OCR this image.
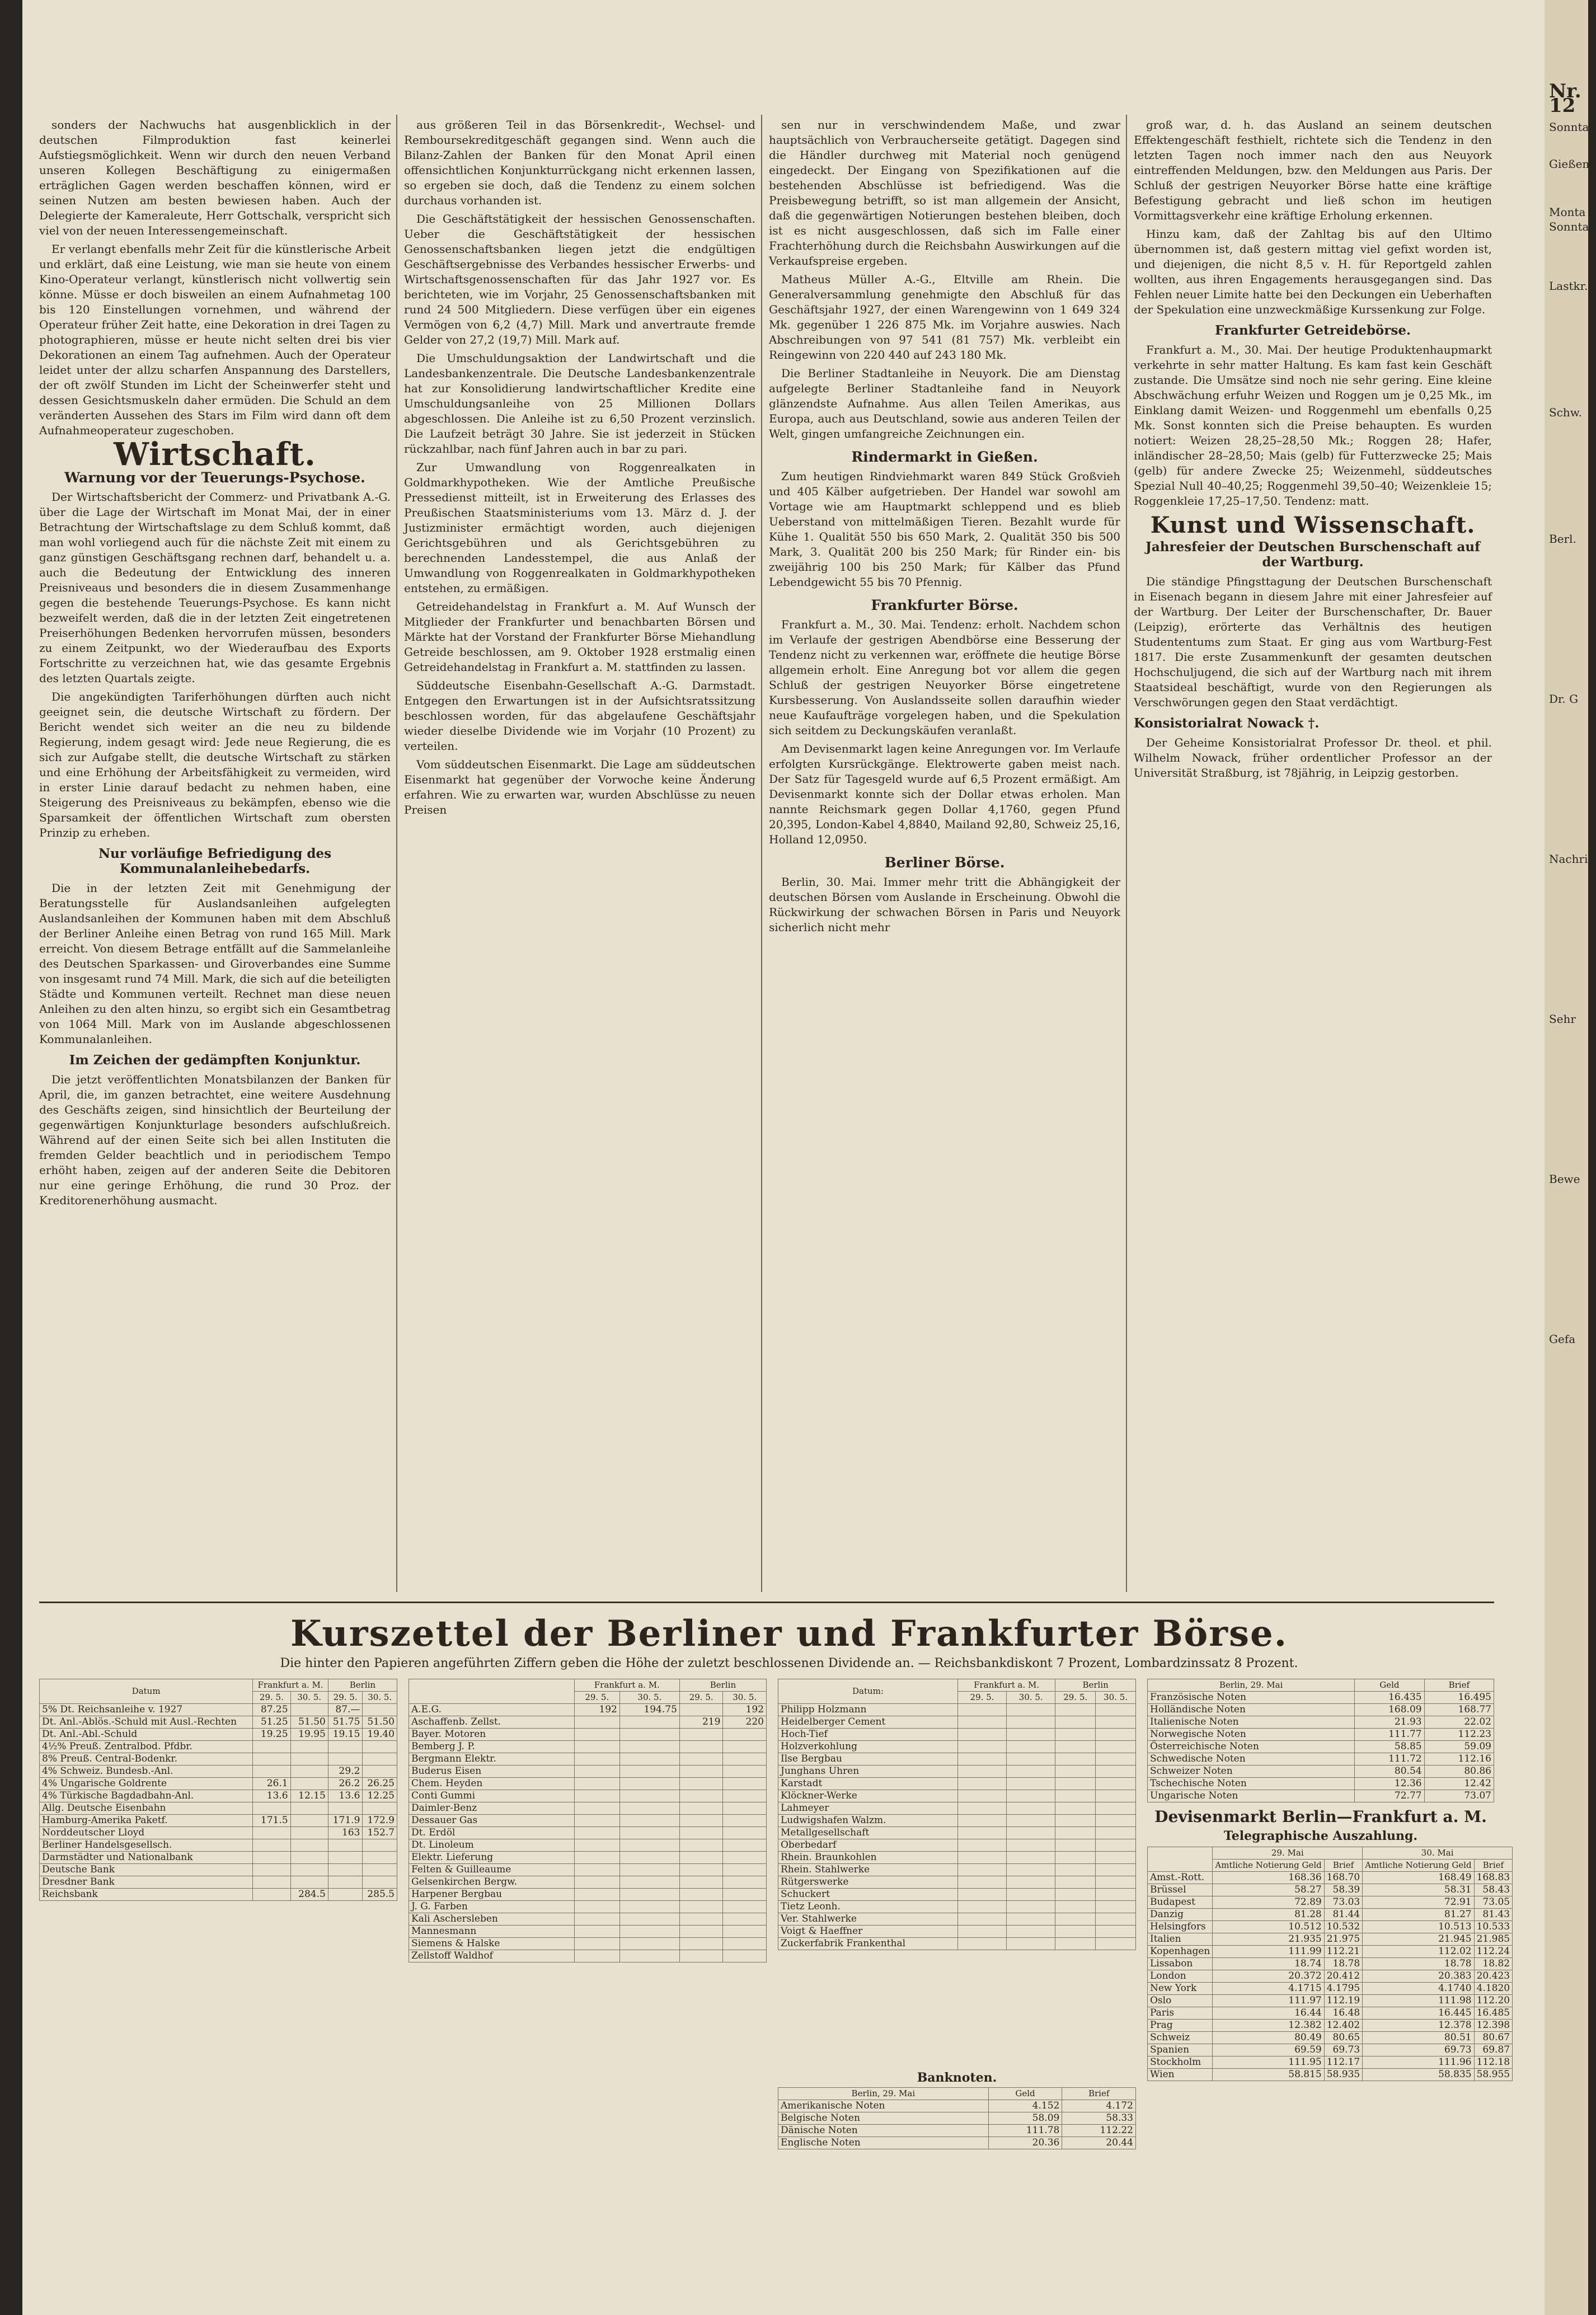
sonders der Nachwuchs hat ausgenblicklich in der deutschen Filmproduktion fast keinerlei Aufstiegsmöglichkeit. Wenn wir durch den neuen Verband unseren Kollegen Beschäftigung zu einigermaßen erträglichen Gagen werden beschaffen können, wird er seinen Nutzen am besten bewiesen haben. Auch der Delegierte der Kameraleute, Herr Gottschalk, verspricht sich viel von der neuen Interessengemeinschaft.

Er verlangt ebenfalls mehr Zeit für die künstlerische Arbeit und erklärt, daß eine Leistung, wie man sie heute von einem Kino-Operateur verlangt, künstlerisch nicht vollwertig sein könne. Müsse er doch bisweilen an einem Aufnahmetag 100 bis 120 Einstellungen vornehmen, und während der Operateur früher Zeit hatte, eine Dekoration in drei Tagen zu photographieren, müsse er heute nicht selten drei bis vier Dekorationen an einem Tag aufnehmen. Auch der Operateur leidet unter der allzu scharfen Anspannung des Darstellers, der oft zwölf Stunden im Licht der Scheinwerfer steht und dessen Gesichtsmuskeln daher ermüden. Die Schuld an dem veränderten Aussehen des Stars im Film wird dann oft dem Aufnahmeoperateur zugeschoben.

Wirtschaft.
Warnung vor der Teuerungs-Psychose.

Der Wirtschaftsbericht der Commerz- und Privatbank A.-G. über die Lage der Wirtschaft im Monat Mai, der in einer Betrachtung der Wirtschaftslage zu dem Schluß kommt, daß man wohl vorliegend auch für die nächste Zeit mit einem zu ganz günstigen Geschäftsgang rechnen darf, behandelt u. a. auch die Bedeutung der Entwicklung des inneren Preisniveaus und besonders die in diesem Zusammenhange gegen die bestehende Teuerungs-Psychose. Es kann nicht bezweifelt werden, daß die in der letzten Zeit eingetretenen Preiserhöhungen Bedenken hervorrufen müssen, besonders zu einem Zeitpunkt, wo der Wiederaufbau des Exports Fortschritte zu verzeichnen hat, wie das gesamte Ergebnis des letzten Quartals zeigte.

Die angekündigten Tariferhöhungen dürften auch nicht geeignet sein, die deutsche Wirtschaft zu fördern. Der Bericht wendet sich weiter an die neu zu bildende Regierung, indem gesagt wird: Jede neue Regierung, die es sich zur Aufgabe stellt, die deutsche Wirtschaft zu stärken und eine Erhöhung der Arbeitsfähigkeit zu vermeiden, wird in erster Linie darauf bedacht zu nehmen haben, eine Steigerung des Preisniveaus zu bekämpfen, ebenso wie die Sparsamkeit der öffentlichen Wirtschaft zum obersten Prinzip zu erheben.

Nur vorläufige Befriedigung des Kommunalanleihebedarfs.

Die in der letzten Zeit mit Genehmigung der Beratungsstelle für Auslandsanleihen aufgelegten Auslandsanleihen der Kommunen haben mit dem Abschluß der Berliner Anleihe einen Betrag von rund 165 Mill. Mark erreicht. Von diesem Betrage entfällt auf die Sammelanleihe des Deutschen Sparkassen- und Giroverbandes eine Summe von insgesamt rund 74 Mill. Mark, die sich auf die beteiligten Städte und Kommunen verteilt. Rechnet man diese neuen Anleihen zu den alten hinzu, so ergibt sich ein Gesamtbetrag von 1064 Mill. Mark von im Auslande abgeschlossenen Kommunalanleihen.

Im Zeichen der gedämpften Konjunktur.

Die jetzt veröffentlichten Monatsbilanzen der Banken für April, die, im ganzen betrachtet, eine weitere Ausdehnung des Geschäfts zeigen, sind hinsichtlich der Beurteilung der gegenwärtigen Konjunkturlage besonders aufschlußreich. Während auf der einen Seite sich bei allen Instituten die fremden Gelder beachtlich und in periodischem Tempo erhöht haben, zeigen auf der anderen Seite die Debitoren nur eine geringe Erhöhung, die rund 30 Proz. der Kreditorenerhöhung ausmacht.

aus größeren Teil in das Börsenkredit-, Wechsel- und Remboursekreditgeschäft gegangen sind. Wenn auch die Bilanz-Zahlen der Banken für den Monat April einen offensichtlichen Konjunkturrückgang nicht erkennen lassen, so ergeben sie doch, daß die Tendenz zu einem solchen durchaus vorhanden ist.

Die Geschäftstätigkeit der hessischen Genossenschaften. Ueber die Geschäftstätigkeit der hessischen Genossenschaftsbanken liegen jetzt die endgültigen Geschäftsergebnisse des Verbandes hessischer Erwerbs- und Wirtschaftsgenossenschaften für das Jahr 1927 vor. Es berichteten, wie im Vorjahr, 25 Genossenschaftsbanken mit rund 24 500 Mitgliedern. Diese verfügen über ein eigenes Vermögen von 6,2 (4,7) Mill. Mark und anvertraute fremde Gelder von 27,2 (19,7) Mill. Mark auf.

Die Umschuldungsaktion der Landwirtschaft und die Landesbankenzentrale. Die Deutsche Landesbankenzentrale hat zur Konsolidierung landwirtschaftlicher Kredite eine Umschuldungsanleihe von 25 Millionen Dollars abgeschlossen. Die Anleihe ist zu 6,50 Prozent verzinslich. Die Laufzeit beträgt 30 Jahre. Sie ist jederzeit in Stücken rückzahlbar, nach fünf Jahren auch in bar zu pari.

Zur Umwandlung von Roggenrealkaten in Goldmarkhypotheken. Wie der Amtliche Preußische Pressedienst mitteilt, ist in Erweiterung des Erlasses des Preußischen Staatsministeriums vom 13. März d. J. der Justizminister ermächtigt worden, auch diejenigen Gerichtsgebühren und als Gerichtsgebühren zu berechnenden Landesstempel, die aus Anlaß der Umwandlung von Roggenrealkaten in Goldmarkhypotheken entstehen, zu ermäßigen.

Getreidehandelstag in Frankfurt a. M. Auf Wunsch der Mitglieder der Frankfurter und benachbarten Börsen und Märkte hat der Vorstand der Frankfurter Börse Miehandlung Getreide beschlossen, am 9. Oktober 1928 erstmalig einen Getreidehandelstag in Frankfurt a. M. stattfinden zu lassen.

Süddeutsche Eisenbahn-Gesellschaft A.-G. Darmstadt. Entgegen den Erwartungen ist in der Aufsichtsratssitzung beschlossen worden, für das abgelaufene Geschäftsjahr wieder dieselbe Dividende wie im Vorjahr (10 Prozent) zu verteilen.

Vom süddeutschen Eisenmarkt. Die Lage am süddeutschen Eisenmarkt hat gegenüber der Vorwoche keine Änderung erfahren. Wie zu erwarten war, wurden Abschlüsse zu neuen Preisen

sen nur in verschwindendem Maße, und zwar hauptsächlich von Verbraucherseite getätigt. Dagegen sind die Händler durchweg mit Material noch genügend eingedeckt. Der Eingang von Spezifikationen auf die bestehenden Abschlüsse ist befriedigend. Was die Preisbewegung betrifft, so ist man allgemein der Ansicht, daß die gegenwärtigen Notierungen bestehen bleiben, doch ist es nicht ausgeschlossen, daß sich im Falle einer Frachterhöhung durch die Reichsbahn Auswirkungen auf die Verkaufspreise ergeben.

Matheus Müller A.-G., Eltville am Rhein. Die Generalversammlung genehmigte den Abschluß für das Geschäftsjahr 1927, der einen Warengewinn von 1 649 324 Mk. gegenüber 1 226 875 Mk. im Vorjahre auswies. Nach Abschreibungen von 97 541 (81 757) Mk. verbleibt ein Reingewinn von 220 440 auf 243 180 Mk.

Die Berliner Stadtanleihe in Neuyork. Die am Dienstag aufgelegte Berliner Stadtanleihe fand in Neuyork glänzendste Aufnahme. Aus allen Teilen Amerikas, aus Europa, auch aus Deutschland, sowie aus anderen Teilen der Welt, gingen umfangreiche Zeichnungen ein.

Rindermarkt in Gießen.

Zum heutigen Rindviehmarkt waren 849 Stück Großvieh und 405 Kälber aufgetrieben. Der Handel war sowohl am Vortage wie am Hauptmarkt schleppend und es blieb Ueberstand von mittelmäßigen Tieren. Bezahlt wurde für Kühe 1. Qualität 550 bis 650 Mark, 2. Qualität 350 bis 500 Mark, 3. Qualität 200 bis 250 Mark; für Rinder ein- bis zweijährig 100 bis 250 Mark; für Kälber das Pfund Lebendgewicht 55 bis 70 Pfennig.

Frankfurter Börse.

Frankfurt a. M., 30. Mai. Tendenz: erholt. Nachdem schon im Verlaufe der gestrigen Abendbörse eine Besserung der Tendenz nicht zu verkennen war, eröffnete die heutige Börse allgemein erholt. Eine Anregung bot vor allem die gegen Schluß der gestrigen Neuyorker Börse eingetretene Kursbesserung. Von Auslandsseite sollen daraufhin wieder neue Kaufaufträge vorgelegen haben, und die Spekulation sich seitdem zu Deckungskäufen veranlaßt.

Am Devisenmarkt lagen keine Anregungen vor. Im Verlaufe erfolgten Kursrückgänge. Elektrowerte gaben meist nach. Der Satz für Tagesgeld wurde auf 6,5 Prozent ermäßigt. Am Devisenmarkt konnte sich der Dollar etwas erholen. Man nannte Reichsmark gegen Dollar 4,1760, gegen Pfund 20,395, London-Kabel 4,8840, Mailand 92,80, Schweiz 25,16, Holland 12,0950.

Berliner Börse.

Berlin, 30. Mai. Immer mehr tritt die Abhängigkeit der deutschen Börsen vom Auslande in Erscheinung. Obwohl die Rückwirkung der schwachen Börsen in Paris und Neuyork sicherlich nicht mehr

groß war, d. h. das Ausland an seinem deutschen Effektengeschäft festhielt, richtete sich die Tendenz in den letzten Tagen noch immer nach den aus Neuyork eintreffenden Meldungen, bzw. den Meldungen aus Paris. Der Schluß der gestrigen Neuyorker Börse hatte eine kräftige Befestigung gebracht und ließ schon im heutigen Vormittagsverkehr eine kräftige Erholung erkennen.

Hinzu kam, daß der Zahltag bis auf den Ultimo übernommen ist, daß gestern mittag viel gefixt worden ist, und diejenigen, die nicht 8,5 v. H. für Reportgeld zahlen wollten, aus ihren Engagements herausgegangen sind. Das Fehlen neuer Limite hatte bei den Deckungen ein Ueberhaften der Spekulation eine unzweckmäßige Kurssenkung zur Folge.

Frankfurter Getreidebörse.

Frankfurt a. M., 30. Mai. Der heutige Produktenhaupmarkt verkehrte in sehr matter Haltung. Es kam fast kein Geschäft zustande. Die Umsätze sind noch nie sehr gering. Eine kleine Abschwächung erfuhr Weizen und Roggen um je 0,25 Mk., im Einklang damit Weizen- und Roggenmehl um ebenfalls 0,25 Mk. Sonst konnten sich die Preise behaupten. Es wurden notiert: Weizen 28,25–28,50 Mk.; Roggen 28; Hafer, inländischer 28–28,50; Mais (gelb) für Futterzwecke 25; Mais (gelb) für andere Zwecke 25; Weizenmehl, süddeutsches Spezial Null 40–40,25; Roggenmehl 39,50–40; Weizenkleie 15; Roggenkleie 17,25–17,50. Tendenz: matt.

Kunst und Wissenschaft.
Jahresfeier der Deutschen Burschenschaft auf der Wartburg.

Die ständige Pfingsttagung der Deutschen Burschenschaft in Eisenach begann in diesem Jahre mit einer Jahresfeier auf der Wartburg. Der Leiter der Burschenschafter, Dr. Bauer (Leipzig), erörterte das Verhältnis des heutigen Studententums zum Staat. Er ging aus vom Wartburg-Fest 1817. Die erste Zusammenkunft der gesamten deutschen Hochschuljugend, die sich auf der Wartburg nach mit ihrem Staatsideal beschäftigt, wurde von den Regierungen als Verschwörungen gegen den Staat verdächtigt.

Konsistorialrat Nowack †.

Der Geheime Konsistorialrat Professor Dr. theol. et phil. Wilhelm Nowack, früher ordentlicher Professor an der Universität Straßburg, ist 78jährig, in Leipzig gestorben.

Kurszettel der Berliner und Frankfurter Börse.
Die hinter den Papieren angeführten Ziffern geben die Höhe der zuletzt beschlossenen Dividende an. — Reichsbankdiskont 7 Prozent, Lombardzinssatz 8 Prozent.
Datum	Frankfurt a. M.		Berlin	
	29. 5.	30. 5.	29. 5.	30. 5.
5% Dt. Reichsanleihe v. 1927	87.25		87.—	
Dt. Anl.-Ablös.-Schuld mit Ausl.-Rechten	51.25	51.50	51.75	51.50
Dt. Anl.-Abl.-Schuld	19.25	19.95	19.15	19.40
4½% Preuß. Zentralbod. Pfdbr.				
8% Preuß. Central-Bodenkr.				
4% Schweiz. Bundesb.-Anl.			29.2	
4% Ungarische Goldrente	26.1		26.2	26.25
4% Türkische Bagdadbahn-Anl.	13.6	12.15	13.6	12.25
Allg. Deutsche Eisenbahn				
Hamburg-Amerika Paketf.	171.5		171.9	172.9
Norddeutscher Lloyd			163	152.7
Berliner Handelsgesellsch.				
Darmstädter und Nationalbank				
Deutsche Bank				
Dresdner Bank				
Reichsbank		284.5		285.5
	Frankfurt a. M.		Berlin	
	29. 5.	30. 5.	29. 5.	30. 5.
A.E.G.	192	194.75		192
Aschaffenb. Zellst.			219	220
Bayer. Motoren				
Bemberg J. P.				
Bergmann Elektr.				
Buderus Eisen				
Chem. Heyden				
Conti Gummi				
Daimler-Benz				
Dessauer Gas				
Dt. Erdöl				
Dt. Linoleum				
Elektr. Lieferung				
Felten & Guilleaume				
Gelsenkirchen Bergw.				
Harpener Bergbau				
J. G. Farben				
Kali Aschersleben				
Mannesmann				
Siemens & Halske				
Zellstoff Waldhof				
Datum:	Frankfurt a. M.		Berlin	
	29. 5.	30. 5.	29. 5.	30. 5.
Philipp Holzmann				
Heidelberger Cement				
Hoch-Tief				
Holzverkohlung				
Ilse Bergbau				
Junghans Uhren				
Karstadt				
Klöckner-Werke				
Lahmeyer				
Ludwigshafen Walzm.				
Metallgesellschaft				
Oberbedarf				
Rhein. Braunkohlen				
Rhein. Stahlwerke				
Rütgerswerke				
Schuckert				
Tietz Leonh.				
Ver. Stahlwerke				
Voigt & Haeffner				
Zuckerfabrik Frankenthal				
Banknoten.
Berlin, 29. Mai	Geld	Brief
Amerikanische Noten	4.152	4.172
Belgische Noten	58.09	58.33
Dänische Noten	111.78	112.22
Englische Noten	20.36	20.44
Berlin, 29. Mai	Geld	Brief
Französische Noten	16.435	16.495
Holländische Noten	168.09	168.77
Italienische Noten	21.93	22.02
Norwegische Noten	111.77	112.23
Österreichische Noten	58.85	59.09
Schwedische Noten	111.72	112.16
Schweizer Noten	80.54	80.86
Tschechische Noten	12.36	12.42
Ungarische Noten	72.77	73.07
Devisenmarkt Berlin—Frankfurt a. M.
Telegraphische Auszahlung.
	29. Mai		30. Mai	
	Amtliche Notierung Geld	Brief	Amtliche Notierung Geld	Brief
Amst.-Rott.	168.36	168.70	168.49	168.83
Brüssel	58.27	58.39	58.31	58.43
Budapest	72.89	73.03	72.91	73.05
Danzig	81.28	81.44	81.27	81.43
Helsingfors	10.512	10.532	10.513	10.533
Italien	21.935	21.975	21.945	21.985
Kopenhagen	111.99	112.21	112.02	112.24
Lissabon	18.74	18.78	18.78	18.82
London	20.372	20.412	20.383	20.423
New York	4.1715	4.1795	4.1740	4.1820
Oslo	111.97	112.19	111.98	112.20
Paris	16.44	16.48	16.445	16.485
Prag	12.382	12.402	12.378	12.398
Schweiz	80.49	80.65	80.51	80.67
Spanien	69.59	69.73	69.73	69.87
Stockholm	111.95	112.17	111.96	112.18
Wien	58.815	58.935	58.835	58.955
Nr. 12
Sonntag
Gießen
Monta
Sonntag
Lastkr.
Schw.
Berl.
Dr. G
Nachri
Sehr
Bewe
Gefa
